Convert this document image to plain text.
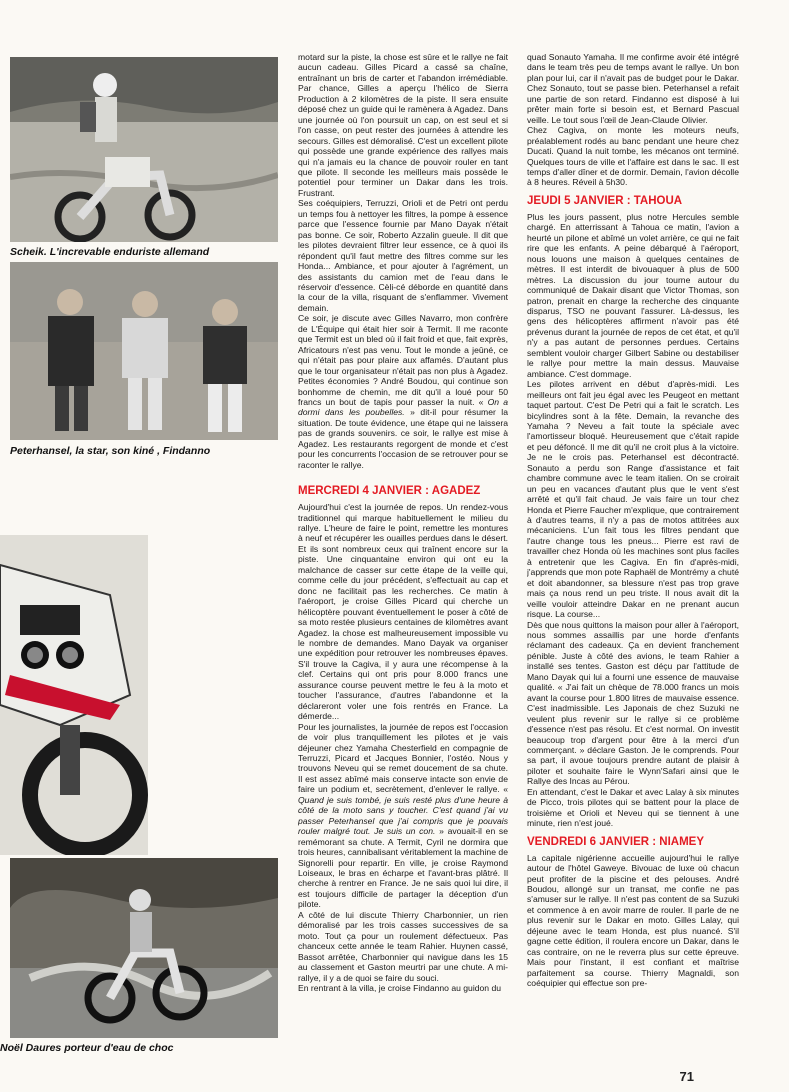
Scheik. L'increvable enduriste allemand
Peterhansel, la star, son kiné , Findanno
Noël Daures porteur d'eau de choc

motard sur la piste, la chose est sûre et le rallye ne fait aucun cadeau. Gilles Picard a cassé sa chaîne, entraînant un bris de carter et l'abandon irrémédiable. Par chance, Gilles a aperçu l'hélico de Sierra Production à 2 kilomètres de la piste. Il sera ensuite déposé chez un guide qui le ramènera à Agadez. Dans une journée où l'on poursuit un cap, on est seul et si l'on casse, on peut rester des journées à attendre les secours. Gilles est démoralisé. C'est un excellent pilote qui possède une grande expérience des rallyes mais qui n'a jamais eu la chance de pouvoir rouler en tant que pilote. Il seconde les meilleurs mais possède le potentiel pour terminer un Dakar dans les trois. Frustrant.

Ses coéquipiers, Terruzzi, Orioli et de Petri ont perdu un temps fou à nettoyer les filtres, la pompe à essence parce que l'essence fournie par Mano Dayak n'était pas bonne. Ce soir, Roberto Azzalin gueule. Il dit que les pilotes devraient filtrer leur essence, ce à quoi ils répondent qu'il faut mettre des filtres comme sur les Honda... Ambiance, et pour ajouter à l'agrément, un des assistants du camion met de l'eau dans le réservoir d'essence. Cèli-cé déborde en quantité dans la cour de la villa, risquant de s'enflammer. Vivement demain.

Ce soir, je discute avec Gilles Navarro, mon confrère de L'Équipe qui était hier soir à Termit. Il me raconte que Termit est un bled où il fait froid et que, fait exprès, Africatours n'est pas venu. Tout le monde a jeûné, ce qui n'était pas pour plaire aux affamés. D'autant plus que le tour organisateur n'était pas non plus à Agadez. Petites économies ? André Boudou, qui continue son bonhomme de chemin, me dit qu'il a loué pour 50 francs un bout de tapis pour passer la nuit. « On a dormi dans les poubelles. » dit-il pour résumer la situation. De toute évidence, une étape qui ne laissera pas de grands souvenirs. ce soir, le rallye est mise à Agadez. Les restaurants regorgent de monde et c'est pour les concurrents l'occasion de se retrouver pour se raconter le rallye.

MERCREDI 4 JANVIER : AGADEZ

Aujourd'hui c'est la journée de repos. Un rendez-vous traditionnel qui marque habituellement le milieu du rallye. L'heure de faire le point, remettre les montures à neuf et récupérer les ouailles perdues dans le désert. Et ils sont nombreux ceux qui traînent encore sur la piste. Une cinquantaine environ qui ont eu la malchance de casser sur cette étape de la veille qui, comme celle du jour précédent, s'effectuait au cap et donc ne facilitait pas les recherches. Ce matin à l'aéroport, je croise Gilles Picard qui cherche un hélicoptère pouvant éventuellement le poser à côté de sa moto restée plusieurs centaines de kilomètres avant Agadez. la chose est malheureusement impossible vu le nombre de demandes. Mano Dayak va organiser une expédition pour retrouver les nombreuses épaves. S'il trouve la Cagiva, il y aura une récompense à la clef. Certains qui ont pris pour 8.000 francs une assurance course peuvent mettre le feu à la moto et toucher l'assurance, d'autres l'abandonne et la déclareront voler une fois rentrés en France. La démerde...

Pour les journalistes, la journée de repos est l'occasion de voir plus tranquillement les pilotes et je vais déjeuner chez Yamaha Chesterfield en compagnie de Terruzzi, Picard et Jacques Bonnier, l'ostéo. Nous y trouvons Neveu qui se remet doucement de sa chute. Il est assez abîmé mais conserve intacte son envie de faire un podium et, secrètement, d'enlever le rallye. « Quand je suis tombé, je suis resté plus d'une heure à côté de la moto sans y toucher. C'est quand j'ai vu passer Peterhansel que j'ai compris que je pouvais rouler malgré tout. Je suis un con. » avouait-il en se remémorant sa chute. A Termit, Cyril ne dormira que trois heures, cannibalisant véritablement la machine de Signorelli pour repartir. En ville, je croise Raymond Loiseaux, le bras en écharpe et l'avant-bras plâtré. Il cherche à rentrer en France. Je ne sais quoi lui dire, il est toujours difficile de partager la déception d'un pilote.

A côté de lui discute Thierry Charbonnier, un rien démoralisé par les trois casses successives de sa moto. Tout ça pour un roulement défectueux. Pas chanceux cette année le team Rahier. Huynen cassé, Bassot arrêtée, Charbonnier qui navigue dans les 15 au classement et Gaston meurtri par une chute. A mi-rallye, il y a de quoi se faire du souci.

En rentrant à la villa, je croise Findanno au guidon du

quad Sonauto Yamaha. Il me confirme avoir été intégré dans le team très peu de temps avant le rallye. Un bon plan pour lui, car il n'avait pas de budget pour le Dakar. Chez Sonauto, tout se passe bien. Peterhansel a refait une partie de son retard. Findanno est disposé à lui prêter main forte si besoin est, et Bernard Pascual veille. Le tout sous l'œil de Jean-Claude Olivier.

Chez Cagiva, on monte les moteurs neufs, préalablement rodés au banc pendant une heure chez Ducati. Quand la nuit tombe, les mécanos ont terminé. Quelques tours de ville et l'affaire est dans le sac. Il est temps d'aller dîner et de dormir. Demain, l'avion décolle à 8 heures. Réveil à 5h30.

JEUDI 5 JANVIER : TAHOUA

Plus les jours passent, plus notre Hercules semble chargé. En atterrissant à Tahoua ce matin, l'avion a heurté un pilone et abîmé un volet arrière, ce qui ne fait rire que les enfants. A peine débarqué à l'aéroport, nous louons une maison à quelques centaines de mètres. Il est interdit de bivouaquer à plus de 500 mètres. La discussion du jour tourne autour du communiqué de Dakair disant que Victor Thomas, son patron, prenait en charge la recherche des cinquante disparus, TSO ne pouvant l'assurer. Là-dessus, les gens des hélicoptères affirment n'avoir pas été prévenus durant la journée de repos de cet état, et qu'il n'y a pas autant de personnes perdues. Certains semblent vouloir charger Gilbert Sabine ou destabiliser le rallye pour mettre la main dessus. Mauvaise ambiance. C'est dommage.

Les pilotes arrivent en début d'après-midi. Les meilleurs ont fait jeu égal avec les Peugeot en mettant taquet partout. C'est De Petri qui a fait le scratch. Les bicylindres sont à la fête. Demain, la revanche des Yamaha ? Neveu a fait toute la spéciale avec l'amortisseur bloqué. Heureusement que c'était rapide et peu défoncé. Il me dit qu'il ne croit plus à la victoire. Je ne le crois pas. Peterhansel est décontracté. Sonauto a perdu son Range d'assistance et fait chambre commune avec le team italien. On se croirait un peu en vacances d'autant plus que le vent s'est arrêté et qu'il fait chaud. Je vais faire un tour chez Honda et Pierre Faucher m'explique, que contrairement à d'autres teams, il n'y a pas de motos attitrées aux mécaniciens. L'un fait tous les filtres pendant que l'autre change tous les pneus... Pierre est ravi de travailler chez Honda où les machines sont plus faciles à entretenir que les Cagiva. En fin d'après-midi, j'apprends que mon pote Raphaël de Montrémy a chuté et doit abandonner, sa blessure n'est pas trop grave mais ça nous rend un peu triste. Il nous avait dit la veille vouloir atteindre Dakar en ne prenant aucun risque. La course...

Dès que nous quittons la maison pour aller à l'aéroport, nous sommes assaillis par une horde d'enfants réclamant des cadeaux. Ça en devient franchement pénible. Juste à côté des avions, le team Rahier a installé ses tentes. Gaston est déçu par l'attitude de Mano Dayak qui lui a fourni une essence de mauvaise qualité. « J'ai fait un chèque de 78.000 francs un mois avant la course pour 1.800 litres de mauvaise essence. C'est inadmissible. Les Japonais de chez Suzuki ne veulent plus revenir sur le rallye si ce problème d'essence n'est pas résolu. Et c'est normal. On investit beaucoup trop d'argent pour être à la merci d'un commerçant. » déclare Gaston. Je le comprends. Pour sa part, il avoue toujours prendre autant de plaisir à piloter et souhaite faire le Wynn'Safari ainsi que le Rallye des Incas au Pérou.

En attendant, c'est le Dakar et avec Lalay à six minutes de Picco, trois pilotes qui se battent pour la place de troisième et Orioli et Neveu qui se tiennent à une minute, rien n'est joué.

VENDREDI 6 JANVIER : NIAMEY

La capitale nigérienne accueille aujourd'hui le rallye autour de l'hôtel Gaweye. Bivouac de luxe où chacun peut profiter de la piscine et des pelouses. André Boudou, allongé sur un transat, me confie ne pas s'amuser sur le rallye. Il n'est pas content de sa Suzuki et commence à en avoir marre de rouler. Il parle de ne plus revenir sur le Dakar en moto. Gilles Lalay, qui déjeune avec le team Honda, est plus nuancé. S'il gagne cette édition, il roulera encore un Dakar, dans le cas contraire, on ne le reverra plus sur cette épreuve. Mais pour l'instant, il est confiant et maîtrise parfaitement sa course. Thierry Magnaldi, son coéquipier qui effectue son pre-

71
